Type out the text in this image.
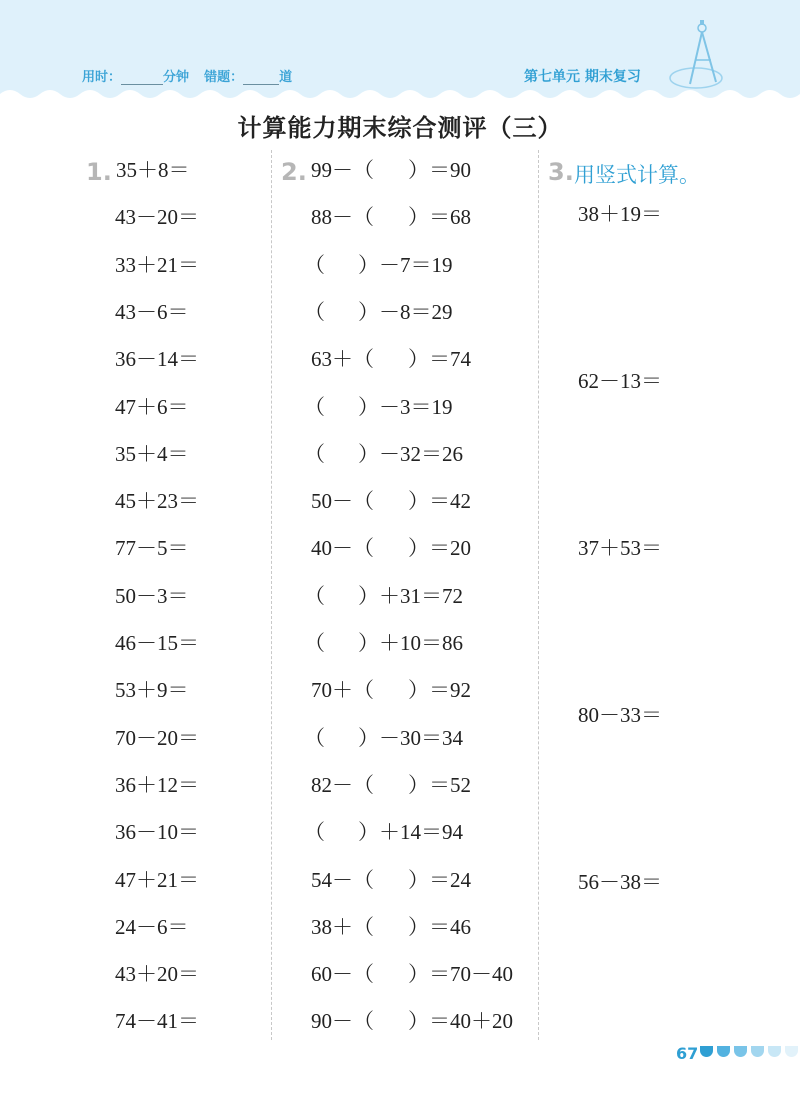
用时：	分钟 错题：	道	第七单元 期末复习
计算能力期末综合测评（三）
1.	2.	3. 用竖式计算。
35＋8＝
43－20＝
33＋21＝
43－6＝
36－14＝
47＋6＝
35＋4＝
45＋23＝
77－5＝
50－3＝
46－15＝
53＋9＝
70－20＝
36＋12＝
36－10＝
47＋21＝
24－6＝
43＋20＝
74－41＝
99－（ ）＝90
88－（ ）＝68
（ ）－7＝19
（ ）－8＝29
63＋（ ）＝74
（ ）－3＝19
（ ）－32＝26
50－（ ）＝42
40－（ ）＝20
（ ）＋31＝72
（ ）＋10＝86
70＋（ ）＝92
（ ）－30＝34
82－（ ）＝52
（ ）＋14＝94
54－（ ）＝24
38＋（ ）＝46
60－（ ）＝70－40
90－（ ）＝40＋20
38＋19＝
62－13＝
37＋53＝
80－33＝
56－38＝
67
